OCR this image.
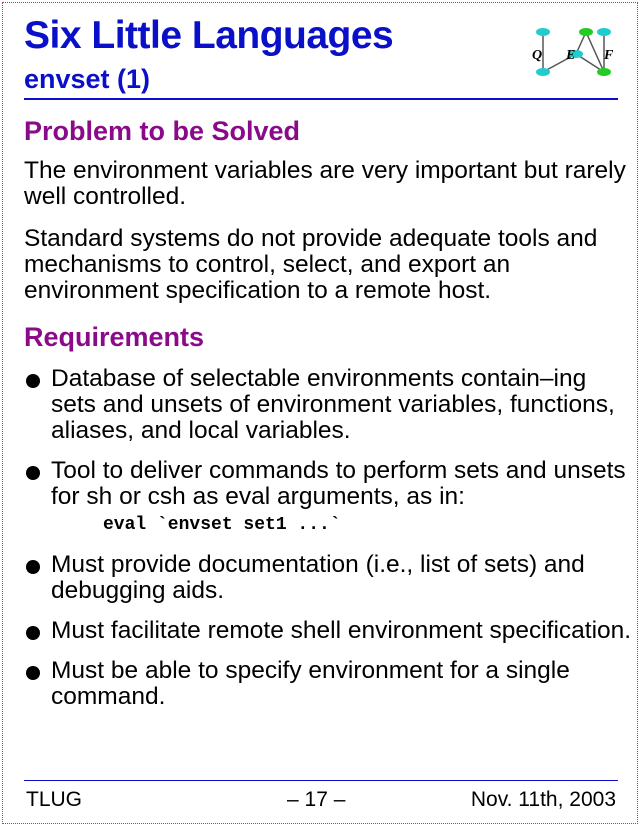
Six Little Languages
envset (1)
Q E F
Problem to be Solved
The environment variables are very important but rarely well controlled.
Standard systems do not provide adequate tools and mechanisms to control, select, and export an environment specification to a remote host.
Requirements
Database of selectable environments contain–ing sets and unsets of environment variables, functions, aliases, and local variables.
Tool to deliver commands to perform sets and unsets for sh or csh as eval arguments, as in:
eval `envset set1 ...`
Must provide documentation (i.e., list of sets) and debugging aids.
Must facilitate remote shell environment specification.
Must be able to specify environment for a single command.
TLUG	– 17 –	Nov. 11th, 2003
